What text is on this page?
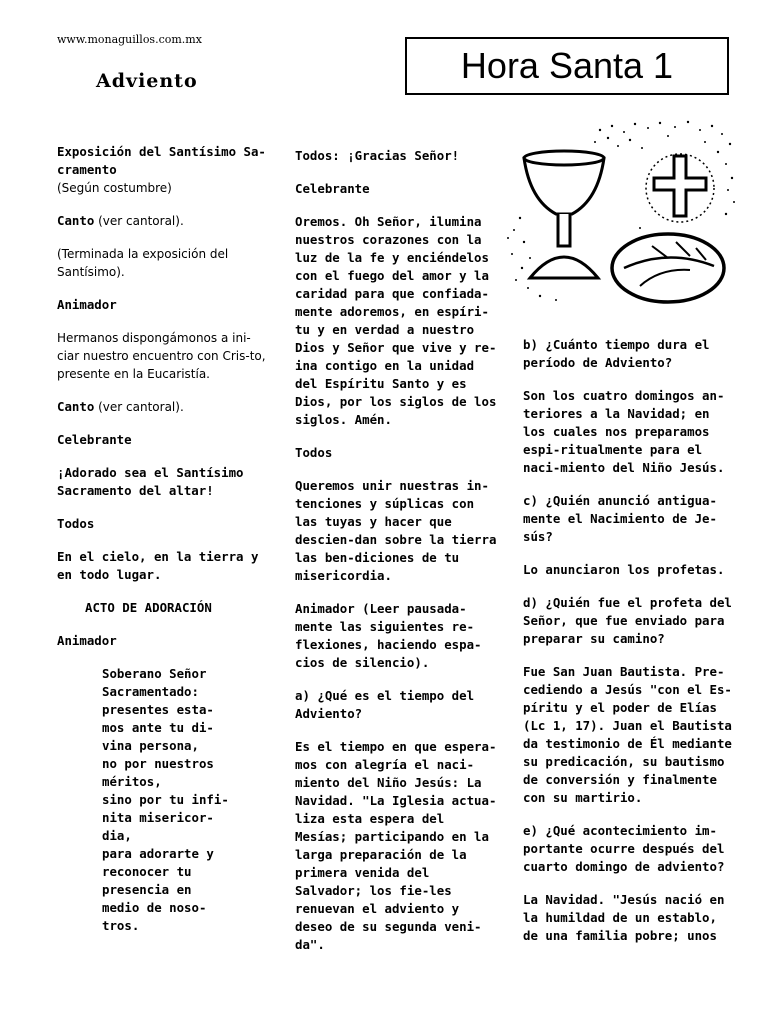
www.monaguillos.com.mx
Adviento	Hora Santa 1

Exposición del Santísimo Sa-cramento
(Según costumbre)

Canto (ver cantoral).

(Terminada la exposición del Santísimo).

Animador

Hermanos dispongámonos a ini-ciar nuestro encuentro con Cris-to, presente en la Eucaristía.

Canto (ver cantoral).

Celebrante

¡Adorado sea el Santísimo Sacramento del altar!

Todos

En el cielo, en la tierra y en todo lugar.

ACTO DE ADORACIÓN

Animador

Soberano Señor
Sacramentado:
presentes esta-
mos ante tu di-
vina persona,
no por nuestros
méritos,
sino por tu infi-
nita misericor-
dia,
para adorarte y
reconocer tu
presencia en
medio de noso-
tros.

Todos: ¡Gracias Señor!

Celebrante

Oremos. Oh Señor, ilumina nuestros corazones con la luz de la fe y enciéndelos con el fuego del amor y la caridad para que confiada-mente adoremos, en espíri-tu y en verdad a nuestro Dios y Señor que vive y re-ina contigo en la unidad del Espíritu Santo y es Dios, por los siglos de los siglos. Amén.

Todos

Queremos unir nuestras in-tenciones y súplicas con las tuyas y hacer que descien-dan sobre la tierra las ben-diciones de tu misericordia.

Animador (Leer pausada-mente las siguientes re-flexiones, haciendo espa-cios de silencio).

a) ¿Qué es el tiempo del Adviento?

Es el tiempo en que espera-mos con alegría el naci-miento del Niño Jesús: La Navidad. "La Iglesia actua-liza esta espera del Mesías; participando en la larga preparación de la primera venida del Salvador; los fie-les renuevan el adviento y deseo de su segunda veni-da".

b) ¿Cuánto tiempo dura el período de Adviento?

Son los cuatro domingos an-teriores a la Navidad; en los cuales nos preparamos espi-ritualmente para el naci-miento del Niño Jesús.

c) ¿Quién anunció antigua-mente el Nacimiento de Je-sús?

Lo anunciaron los profetas.

d) ¿Quién fue el profeta del Señor, que fue enviado para preparar su camino?

Fue San Juan Bautista. Pre-cediendo a Jesús "con el Es-píritu y el poder de Elías (Lc 1, 17). Juan el Bautista da testimonio de Él mediante su predicación, su bautismo de conversión y finalmente con su martirio.

e) ¿Qué acontecimiento im-portante ocurre después del cuarto domingo de adviento?

La Navidad. "Jesús nació en la humildad de un establo, de una familia pobre; unos
